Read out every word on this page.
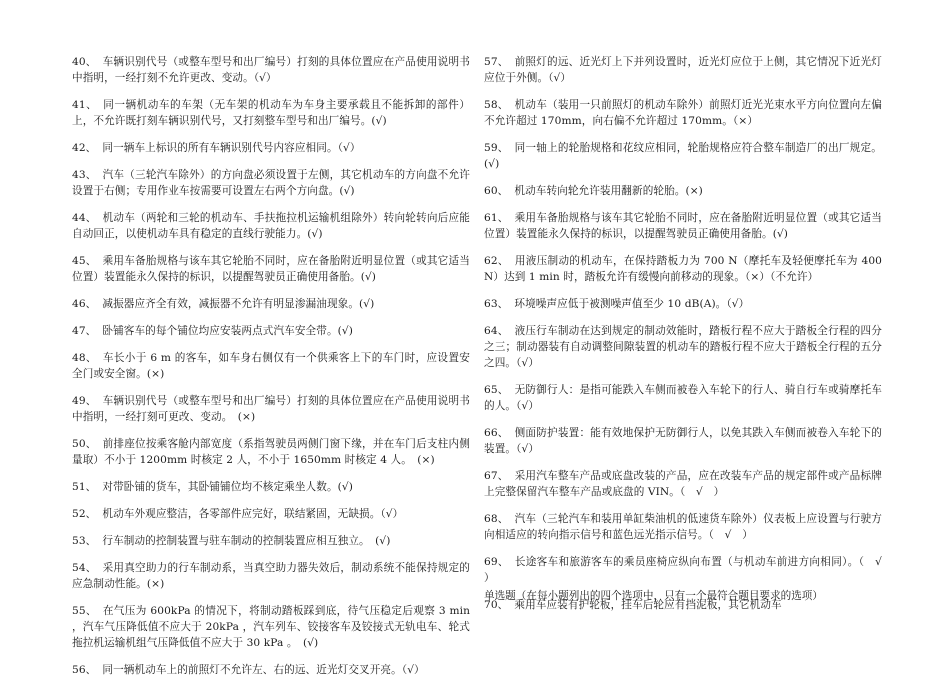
40、 车辆识别代号（或整车型号和出厂编号）打刻的具体位置应在产品使用说明书中指明，一经打刻不允许更改、变动。（√）

41、 同一辆机动车的车架（无车架的机动车为车身主要承载且不能拆卸的部件）上，不允许既打刻车辆识别代号，又打刻整车型号和出厂编号。(√)

42、 同一辆车上标识的所有车辆识别代号内容应相同。（√）

43、 汽车（三轮汽车除外）的方向盘必须设置于左侧，其它机动车的方向盘不允许设置于右侧；专用作业车按需要可设置左右两个方向盘。(√)

44、 机动车（两轮和三轮的机动车、手扶拖拉机运输机组除外）转向轮转向后应能自动回正，以使机动车具有稳定的直线行驶能力。(√)

45、 乘用车备胎规格与该车其它轮胎不同时，应在备胎附近明显位置（或其它适当位置）装置能永久保持的标识，以提醒驾驶员正确使用备胎。(√)

46、 减振器应齐全有效，减振器不允许有明显渗漏油现象。(√)

47、 卧铺客车的每个铺位均应安装两点式汽车安全带。(√)

48、 车长小于 6 m 的客车，如车身右侧仅有一个供乘客上下的车门时，应设置安全门或安全窗。(×)

49、 车辆识别代号（或整车型号和出厂编号）打刻的具体位置应在产品使用说明书中指明，一经打刻可更改、变动。　(×)

50、 前排座位按乘客舱内部宽度（系指驾驶员两侧门窗下缘，并在车门后支柱内侧量取）不小于 1200mm 时核定 2 人，不小于 1650mm 时核定 4 人。　(×)

51、 对带卧铺的货车，其卧铺铺位均不核定乘坐人数。(√)

52、 机动车外观应整洁，各零部件应完好，联结紧固，无缺损。（√）

53、 行车制动的控制装置与驻车制动的控制装置应相互独立。　(√)

54、 采用真空助力的行车制动系，当真空助力器失效后，制动系统不能保持规定的应急制动性能。(×)

55、 在气压为 600kPa 的情况下，将制动踏板踩到底，待气压稳定后观察 3 min ，汽车气压降低值不应大于 20kPa ，汽车列车、铰接客车及铰接式无轨电车、轮式拖拉机运输机组气压降低值不应大于 30 kPa 。　(√)

56、 同一辆机动车上的前照灯不允许左、右的远、近光灯交叉开亮。（√）

57、 前照灯的远、近光灯上下并列设置时，近光灯应位于上侧，其它情况下近光灯应位于外侧。（√）

58、 机动车（装用一只前照灯的机动车除外）前照灯近光光束水平方向位置向左偏不允许超过 170mm，向右偏不允许超过 170mm。（×）

59、 同一轴上的轮胎规格和花纹应相同，轮胎规格应符合整车制造厂的出厂规定。(√)

60、 机动车转向轮允许装用翻新的轮胎。(×)

61、 乘用车备胎规格与该车其它轮胎不同时，应在备胎附近明显位置（或其它适当位置）装置能永久保持的标识，以提醒驾驶员正确使用备胎。(√)

62、 用液压制动的机动车，在保持踏板力为 700 N（摩托车及轻便摩托车为 400N）达到 1 min 时，踏板允许有缓慢向前移动的现象。（×）（不允许）

63、 环境噪声应低于被测噪声值至少 10 dB(A)。（√）

64、 液压行车制动在达到规定的制动效能时，踏板行程不应大于踏板全行程的四分之三；制动器装有自动调整间隙装置的机动车的踏板行程不应大于踏板全行程的五分之四。（√）

65、 无防御行人：是指可能跌入车侧而被卷入车轮下的行人、骑自行车或骑摩托车的人。（√）

66、 侧面防护装置：能有效地保护无防御行人，以免其跌入车侧而被卷入车轮下的装置。（√）

67、 采用汽车整车产品或底盘改装的产品，应在改装车产品的规定部件或产品标牌上完整保留汽车整车产品或底盘的 VIN。（　√　）

68、 汽车（三轮汽车和装用单缸柴油机的低速货车除外）仪表板上应设置与行驶方向相适应的转向指示信号和蓝色远光指示信号。（　√　）

69、 长途客车和旅游客车的乘员座椅应纵向布置（与机动车前进方向相同）。（　√　）

70、 乘用车应装有护轮板，挂车后轮应有挡泥板，其它机动车

单选题（在每小题列出的四个选项中，只有一个最符合题目要求的选项）
